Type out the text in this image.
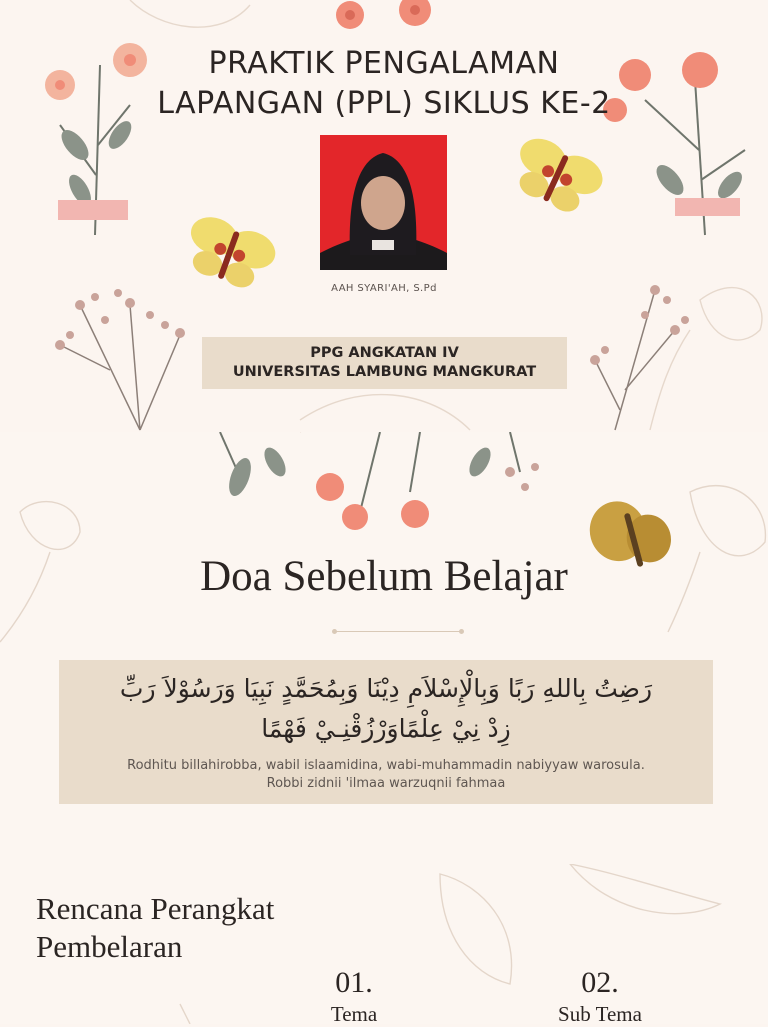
PRAKTIK PENGALAMAN
LAPANGAN (PPL) SIKLUS KE-2
AAH SYARI'AH, S.Pd
PPG ANGKATAN IV
UNIVERSITAS LAMBUNG MANGKURAT
Doa Sebelum Belajar
رَضِتُ بِاللهِ رَبًا وَبِالْإِسْلاَمِ دِيْنَا وَبِمُحَمَّدٍ نَبِيَا وَرَسُوْلاَ رَبِّ
زِدْ نِيْ عِلْمًاوَرْزُقْنِـيْ فَهْمًا
Rodhitu billahirobba, wabil islaamidina, wabi-muhammadin nabiyyaw warosula.
Robbi zidnii 'ilmaa warzuqnii fahmaa
Rencana Perangkat
Pembelaran
01.
Tema
02.
Sub Tema
